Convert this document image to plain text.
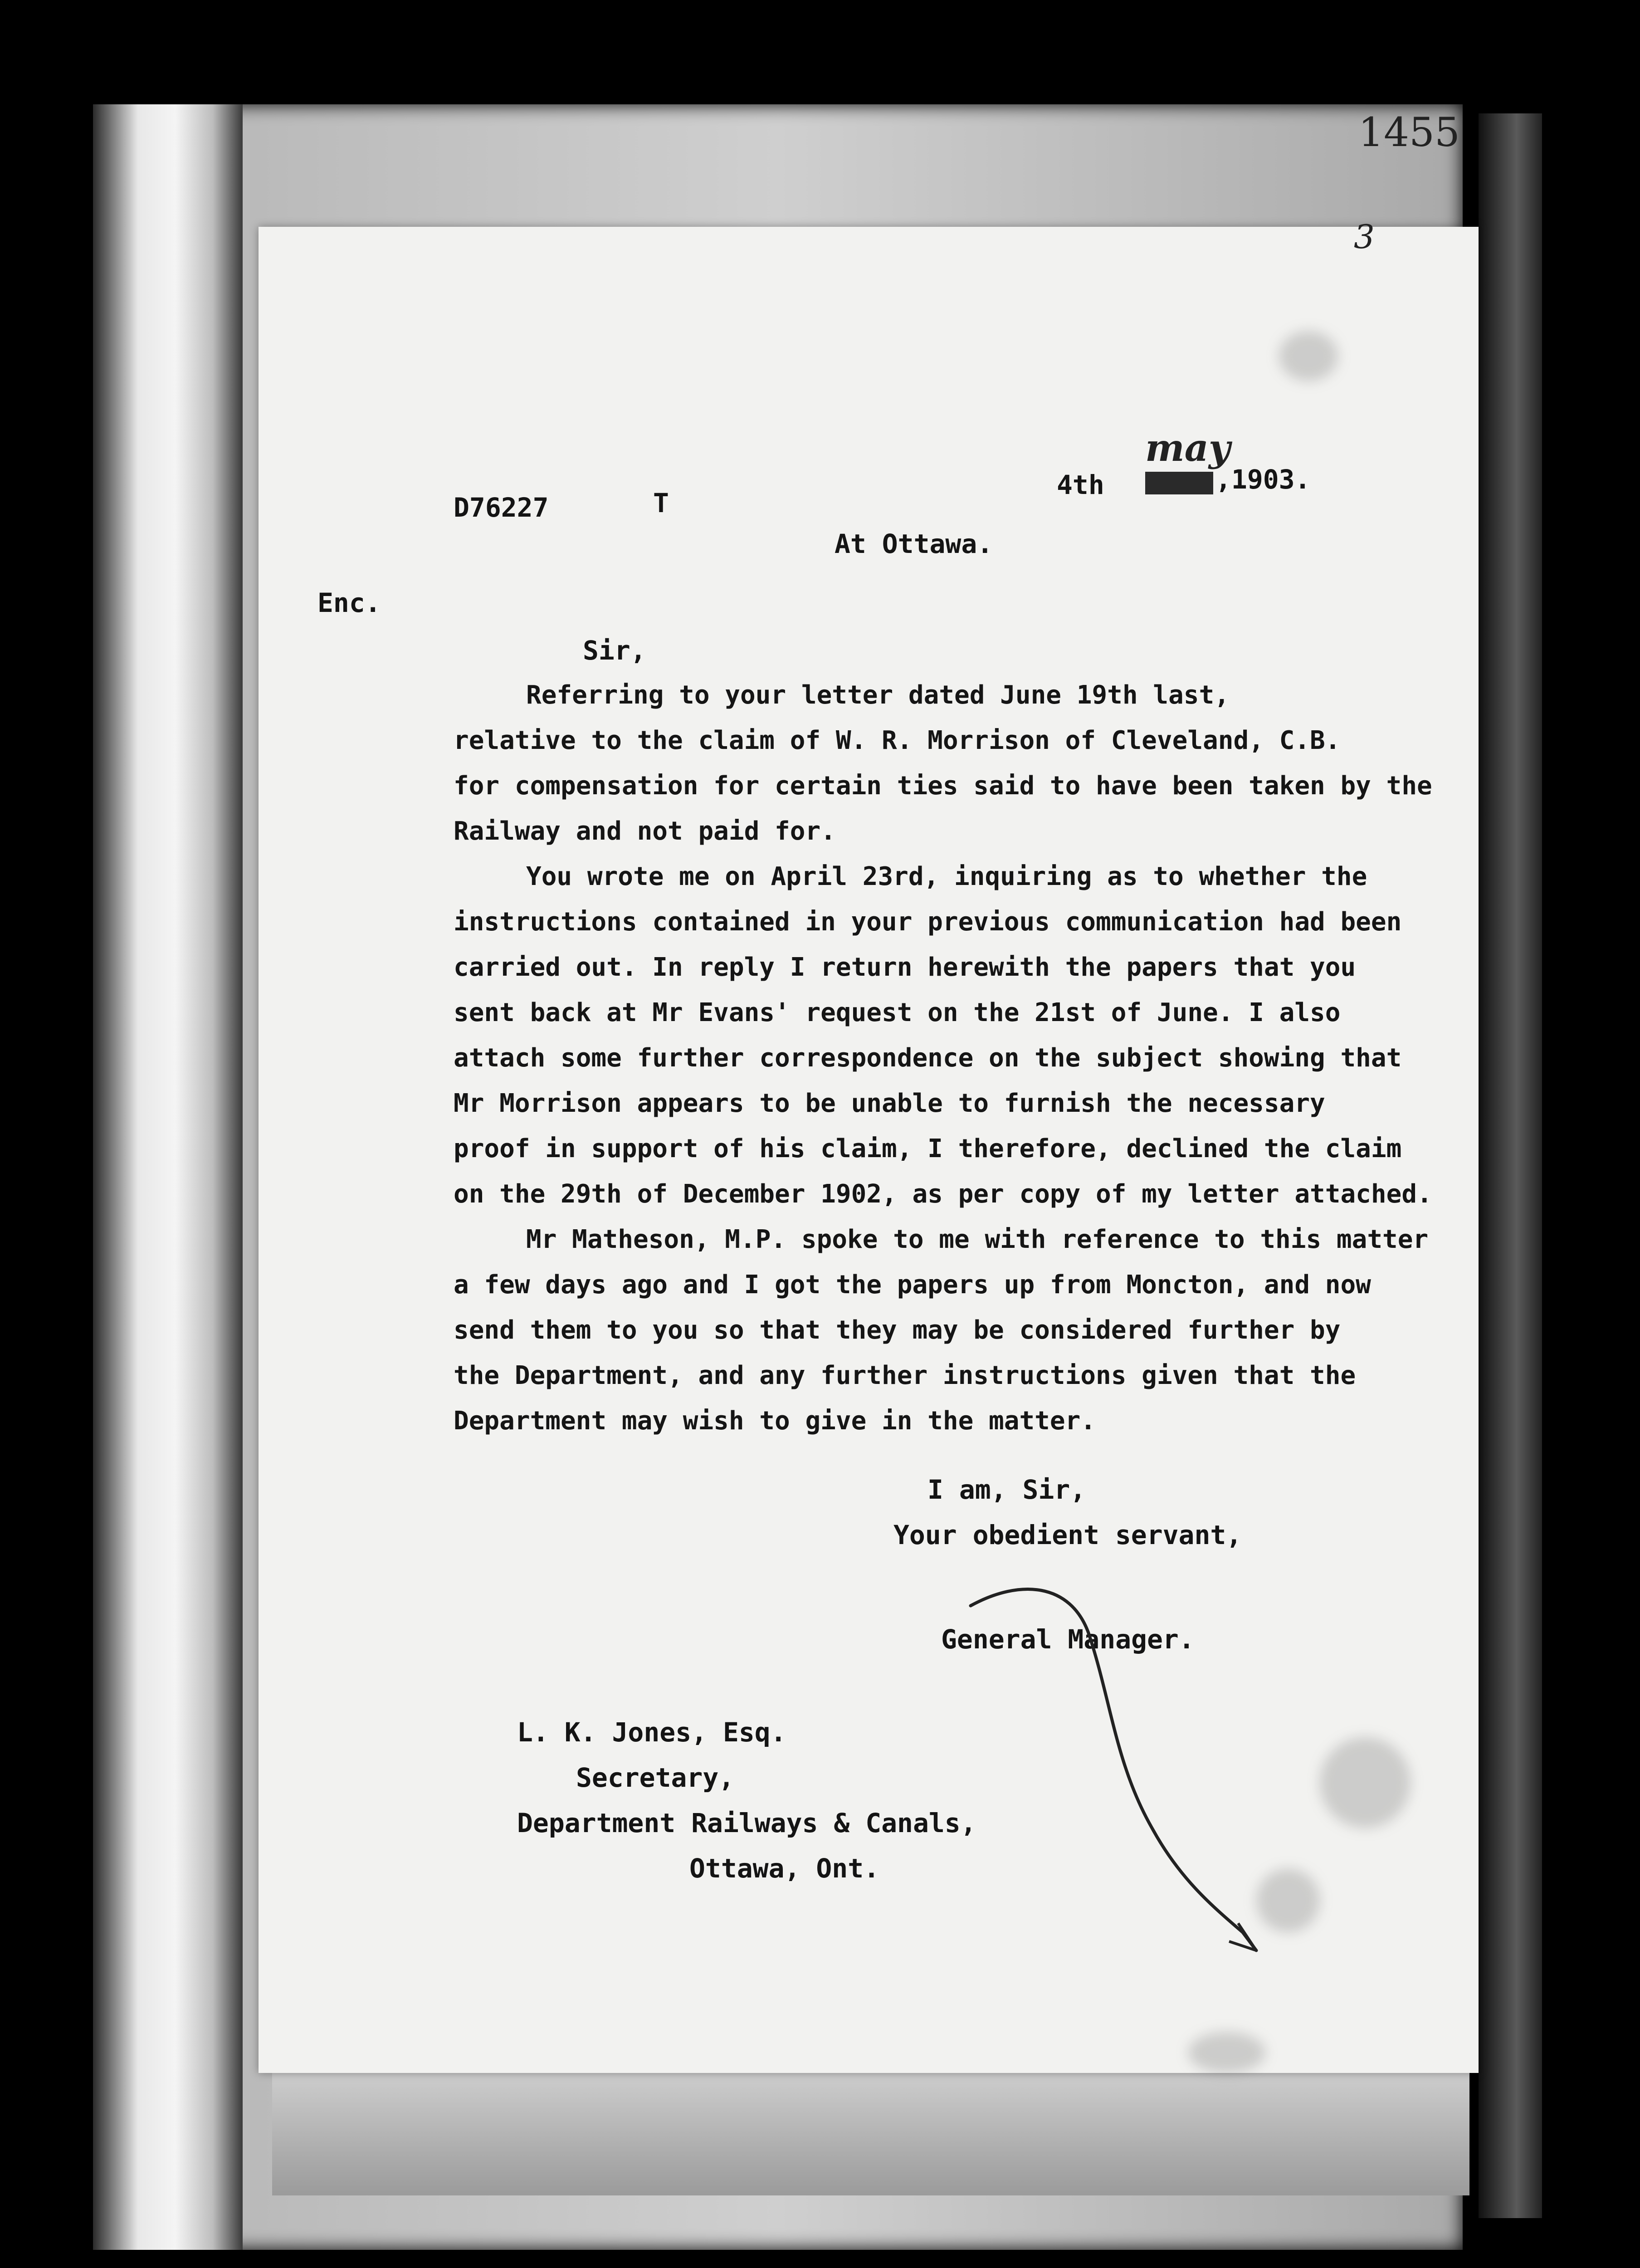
1455
3
D76227	T
4th
may
,1903.
At Ottawa.
Enc.
Sir,
Referring to your letter dated June 19th last,
relative to the claim of W. R. Morrison of Cleveland, C.B.
for compensation for certain ties said to have been taken by the
Railway and not paid for.
You wrote me on April 23rd, inquiring as to whether the
instructions contained in your previous communication had been
carried out. In reply I return herewith the papers that you
sent back at Mr Evans' request on the 21st of June. I also
attach some further correspondence on the subject showing that
Mr Morrison appears to be unable to furnish the necessary
proof in support of his claim, I therefore, declined the claim
on the 29th of December 1902, as per copy of my letter attached.
Mr Matheson, M.P. spoke to me with reference to this matter
a few days ago and I got the papers up from Moncton, and now
send them to you so that they may be considered further by
the Department, and any further instructions given that the
Department may wish to give in the matter.
I am, Sir,
Your obedient servant,
General Manager.
L. K. Jones, Esq.
Secretary,
Department Railways & Canals,
Ottawa, Ont.
